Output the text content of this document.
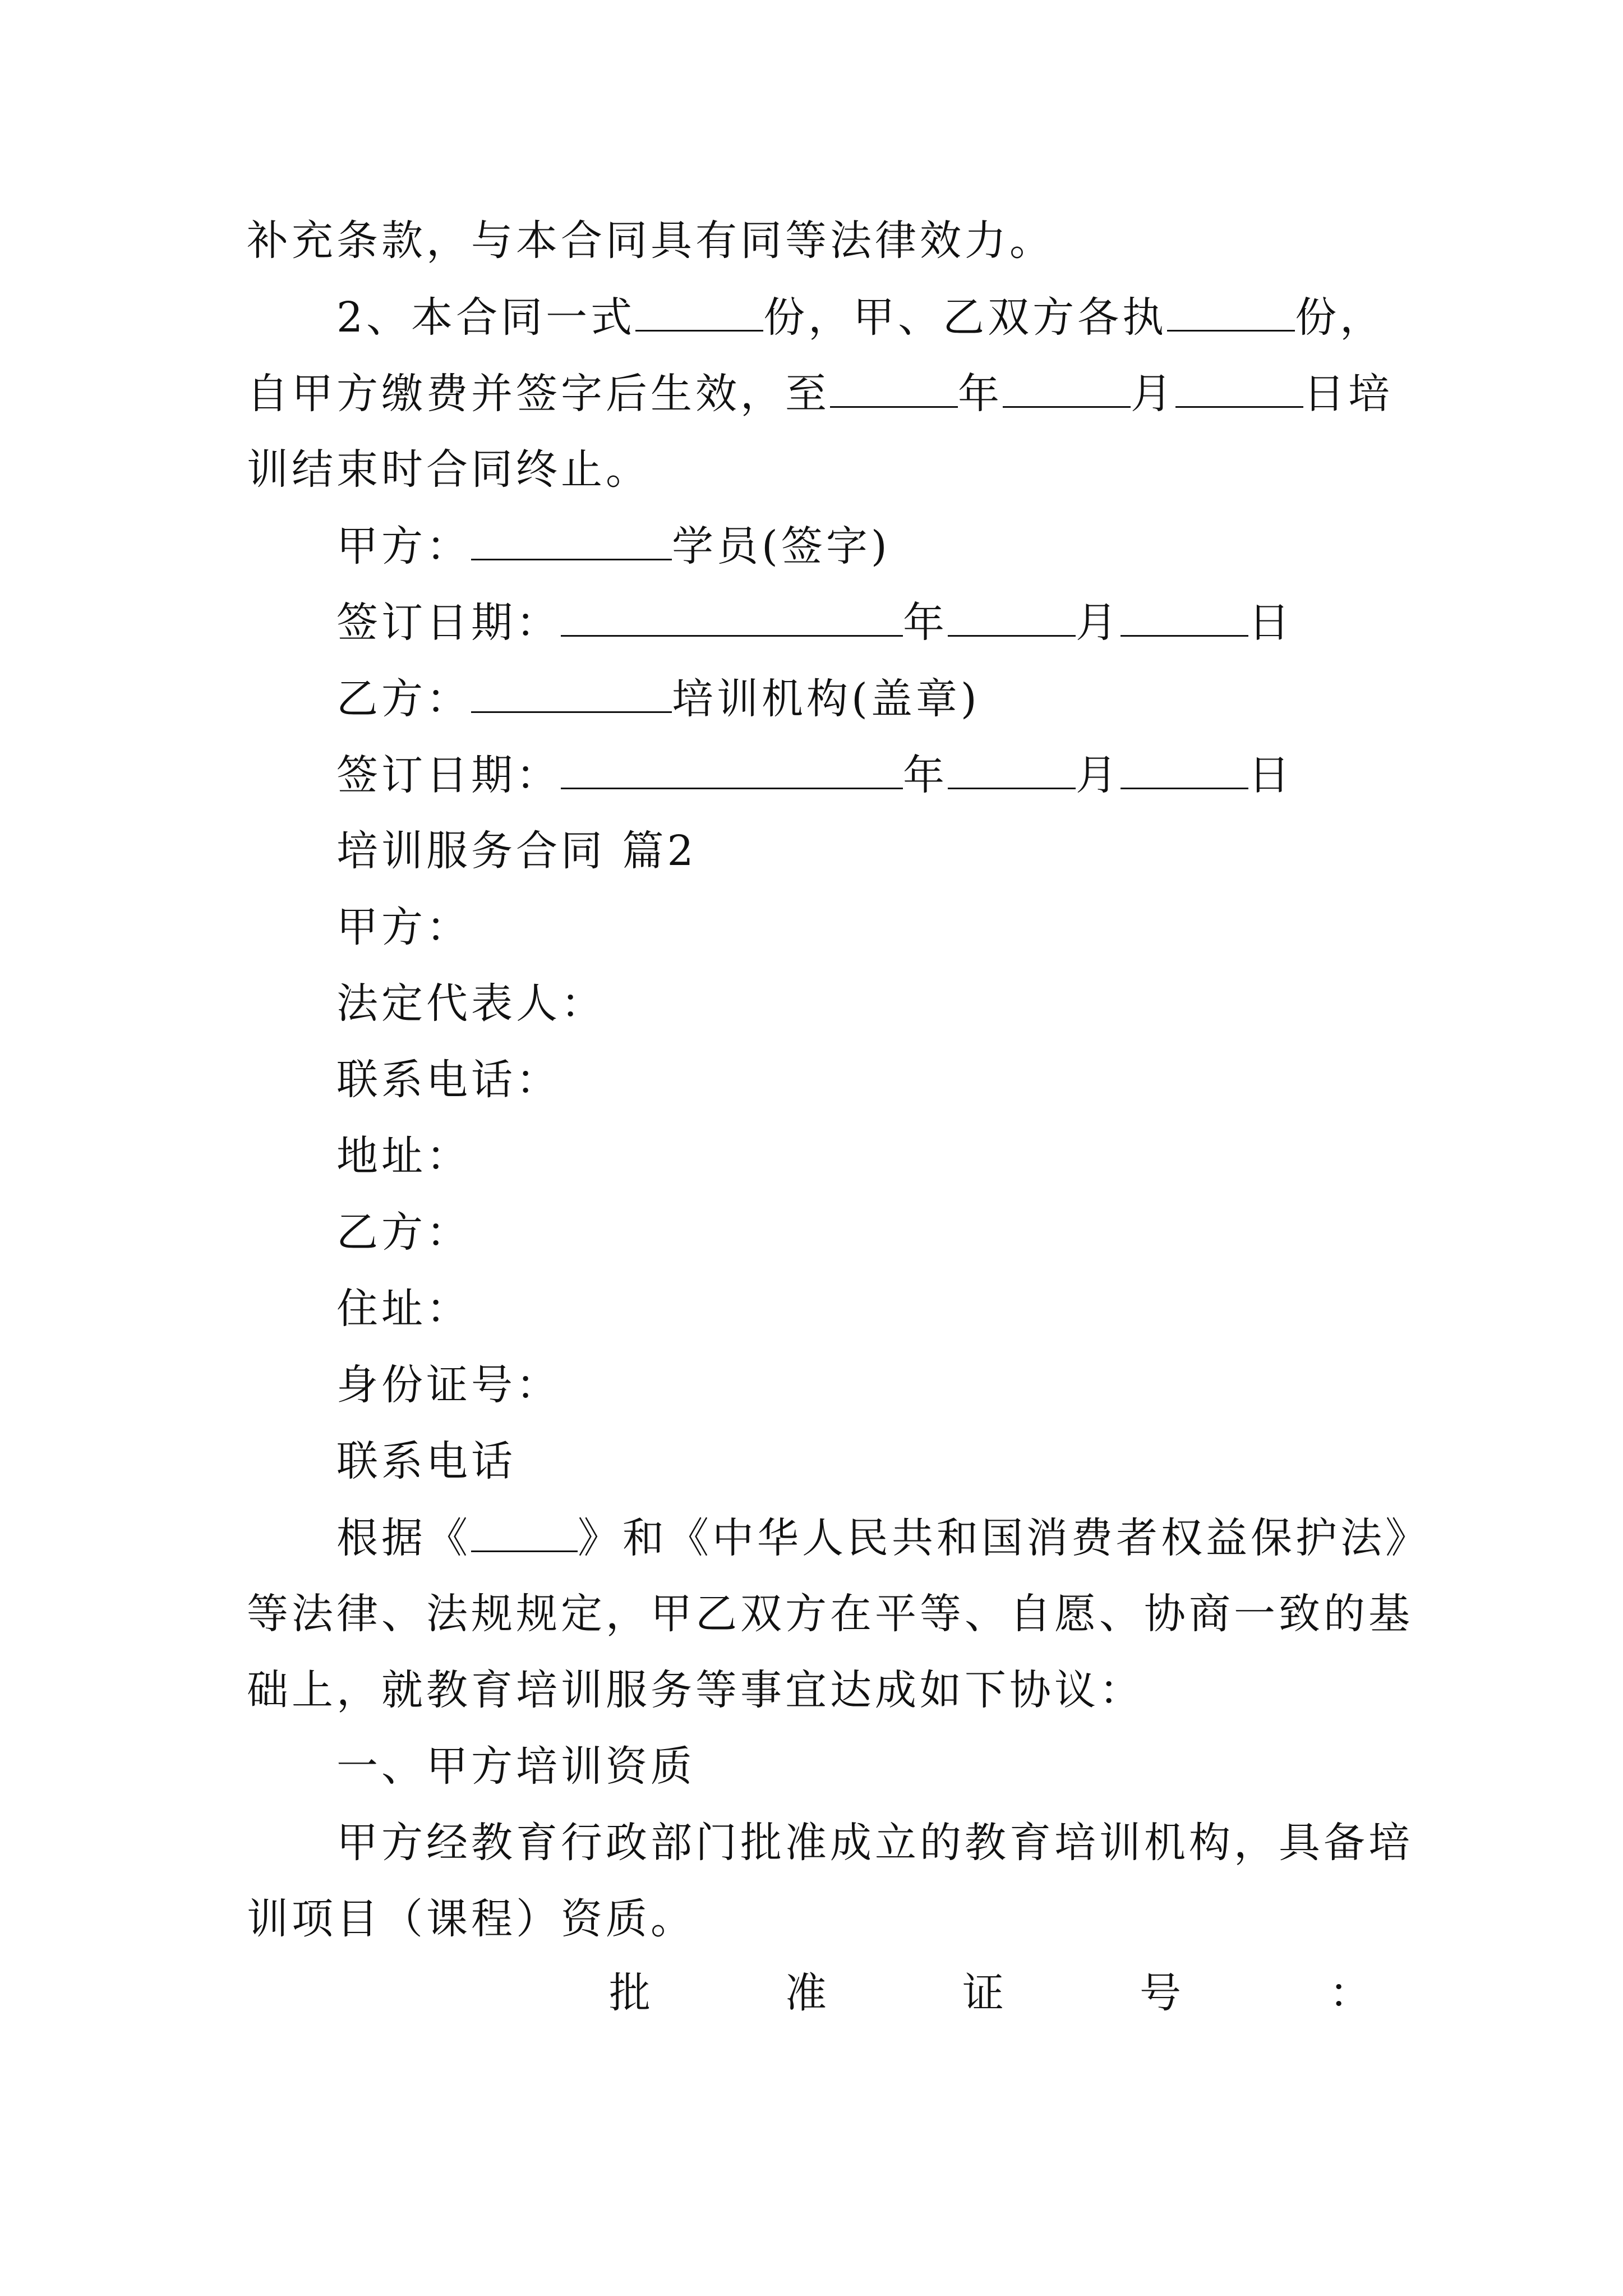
补充条款，与本合同具有同等法律效力。
2、本合同一式	份，甲、乙双方各执	份，
自甲方缴费并签字后生效，至	年	月	日培
训结束时合同终止。
甲方：	学员(签字)
签订日期：	年	月	日
乙方：	培训机构(盖章)
签订日期：	年	月	日
培训服务合同 篇2
甲方：
法定代表人：
联系电话：
地址：
乙方：
住址：
身份证号：
联系电话
根据《	》和《中华人民共和国消费者权益保护法》
等法律、法规规定，甲乙双方在平等、自愿、协商一致的基
础上，就教育培训服务等事宜达成如下协议：
一、甲方培训资质
甲方经教育行政部门批准成立的教育培训机构，具备培
训项目（课程）资质。
批	准	证	号	：
